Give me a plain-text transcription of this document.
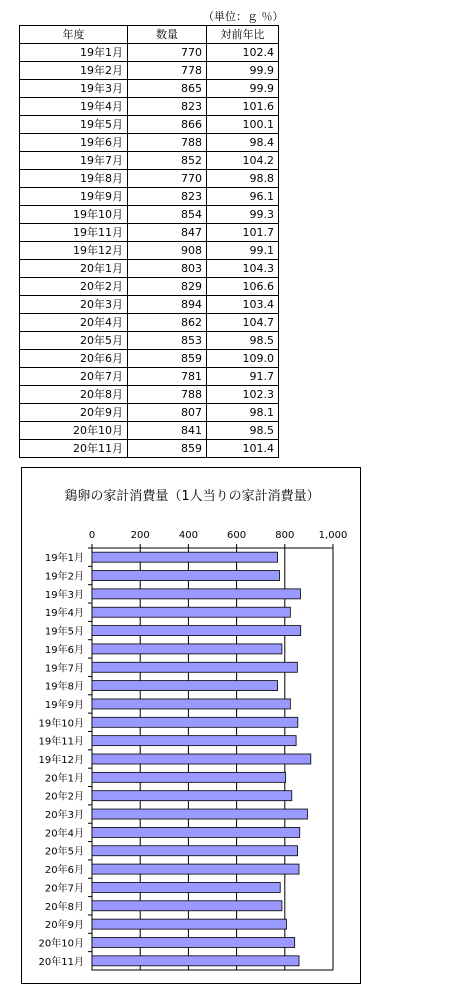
（単位：ｇ ％）
年度	数量	対前年比
19年1月	770	102.4
19年2月	778	99.9
19年3月	865	99.9
19年4月	823	101.6
19年5月	866	100.1
19年6月	788	98.4
19年7月	852	104.2
19年8月	770	98.8
19年9月	823	96.1
19年10月	854	99.3
19年11月	847	101.7
19年12月	908	99.1
20年1月	803	104.3
20年2月	829	106.6
20年3月	894	103.4
20年4月	862	104.7
20年5月	853	98.5
20年6月	859	109.0
20年7月	781	91.7
20年8月	788	102.3
20年9月	807	98.1
20年10月	841	98.5
20年11月	859	101.4
鶏卵の家計消費量（1人当りの家計消費量）
0	200	400	600	800 1,000
19年1月
19年2月
19年3月
19年4月
19年5月
19年6月
19年7月
19年8月
19年9月
19年10月
19年11月
19年12月
20年1月
20年2月
20年3月
20年4月
20年5月
20年6月
20年7月
20年8月
20年9月
20年10月
20年11月
